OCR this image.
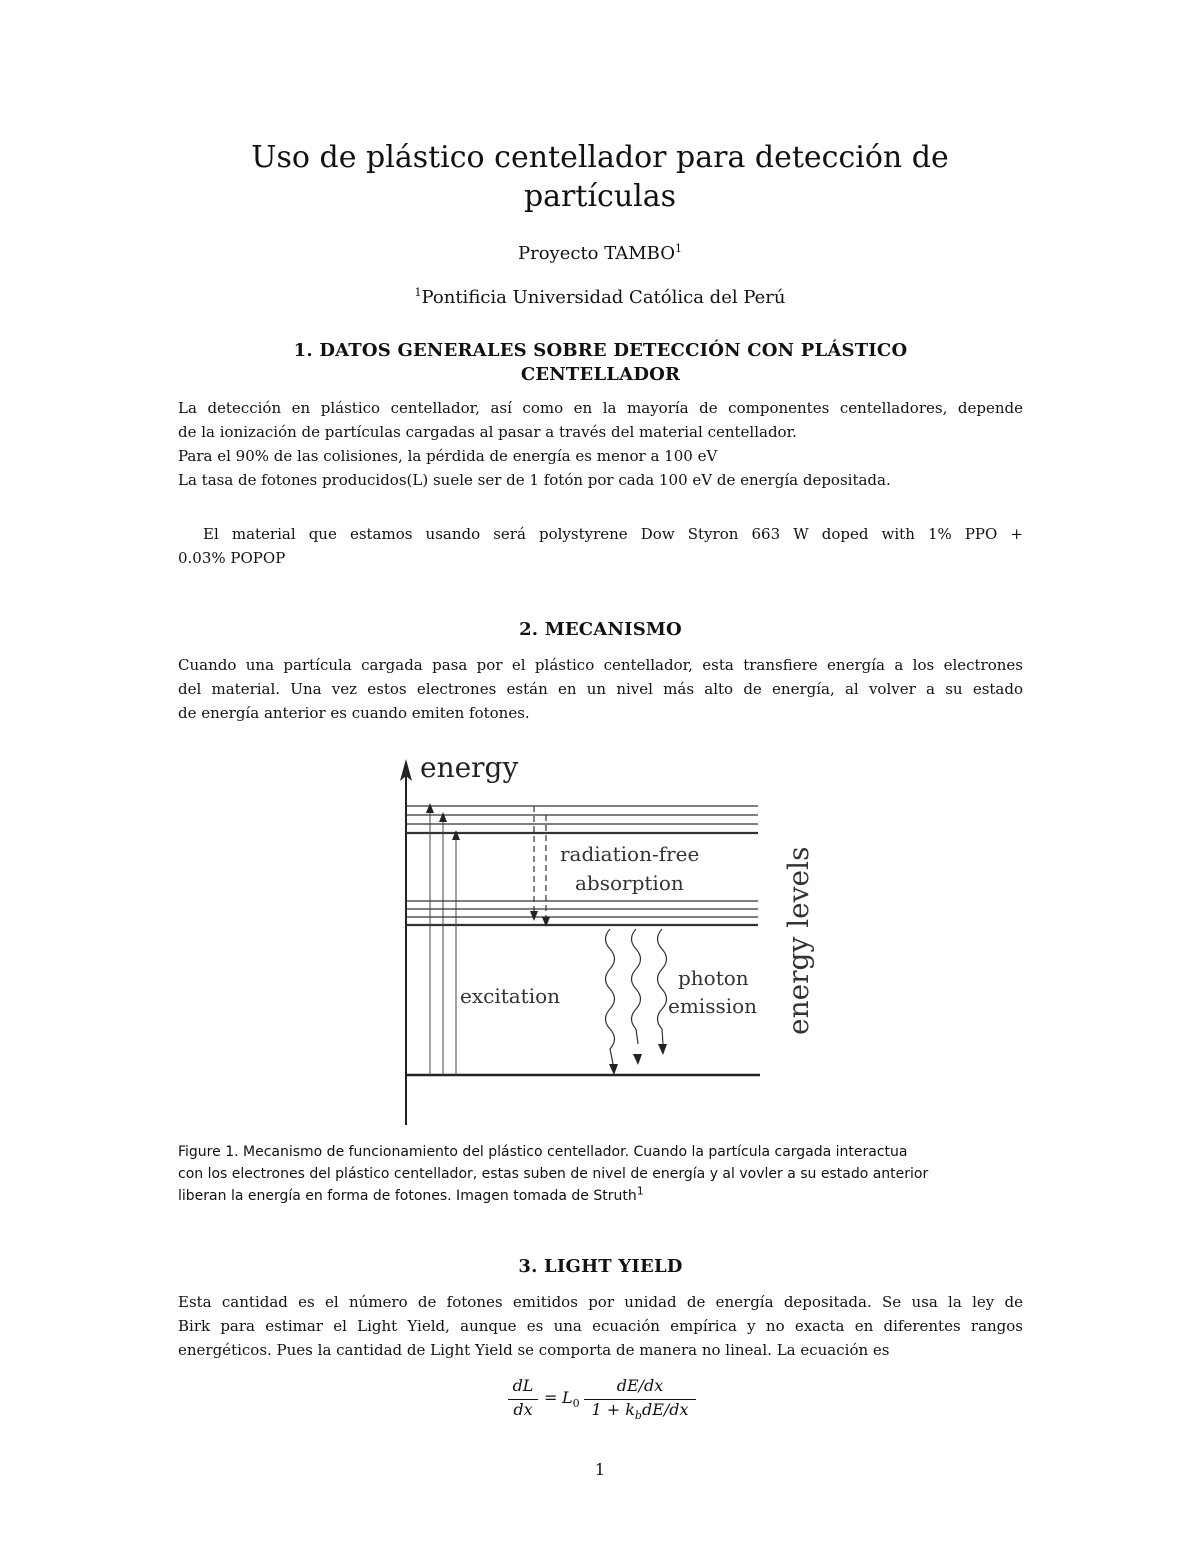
Uso de plástico centellador para detección de
partículas
Proyecto TAMBO$^1$
$^1$Pontificia Universidad Católica del Perú
1. DATOS GENERALES SOBRE DETECCIÓN CON PLÁSTICO
CENTELLADOR
La detección en plástico centellador, así como en la mayoría de componentes centelladores, depende
de la ionización de partículas cargadas al pasar a través del material centellador.
Para el 90% de las colisiones, la pérdida de energía es menor a 100 eV
La tasa de fotones producidos(L) suele ser de 1 fotón por cada 100 eV de energía depositada.
El material que estamos usando será polystyrene Dow Styron 663 W doped with 1% PPO +
0.03% POPOP
2. MECANISMO
Cuando una partícula cargada pasa por el plástico centellador, esta transfiere energía a los electrones
del material. Una vez estos electrones están en un nivel más alto de energía, al volver a su estado
de energía anterior es cuando emiten fotones.
energy
radiation-free
absorption
excitation
photon
emission energy levels
Figure 1. Mecanismo de funcionamiento del plástico centellador. Cuando la partícula cargada interactua
con los electrones del plástico centellador, estas suben de nivel de energía y al vovler a su estado anterior
liberan la energía en forma de fotones. Imagen tomada de Struth$^1$
3. LIGHT YIELD
Esta cantidad es el número de fotones emitidos por unidad de energía depositada. Se usa la ley de
Birk para estimar el Light Yield, aunque es una ecuación empírica y no exacta en diferentes rangos
energéticos. Pues la cantidad de Light Yield se comporta de manera no lineal. La ecuación es
dL
dx
= $L_0$
dE/dx
$1 + k_bdE/dx$
1
